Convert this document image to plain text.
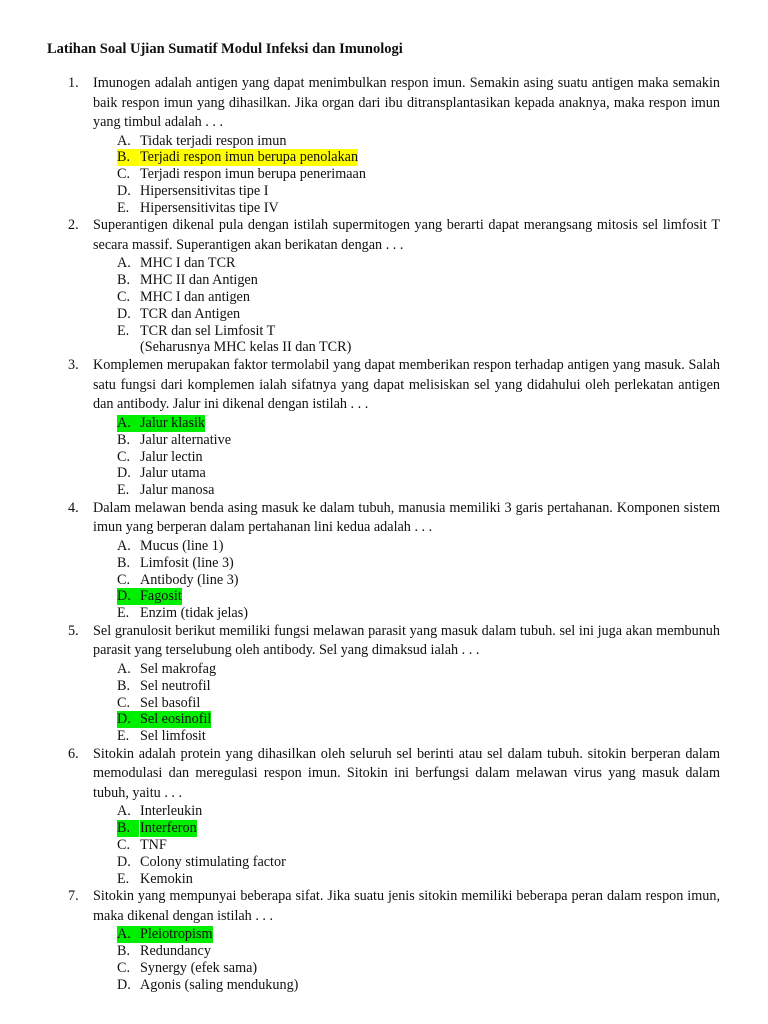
Latihan Soal Ujian Sumatif Modul Infeksi dan Imunologi
1. Imunogen adalah antigen yang dapat menimbulkan respon imun. Semakin asing suatu antigen maka semakin baik respon imun yang dihasilkan. Jika organ dari ibu ditransplantasikan kepada anaknya, maka respon imun yang timbul adalah . . .

A. Tidak terjadi respon imun
B. Terjadi respon imun berupa penolakan
C. Terjadi respon imun berupa penerimaan
D. Hipersensitivitas tipe I
E. Hipersensitivitas tipe IV
2. Superantigen dikenal pula dengan istilah supermitogen yang berarti dapat merangsang mitosis sel limfosit T secara massif. Superantigen akan berikatan dengan . . .

A. MHC I dan TCR
B. MHC II dan Antigen
C. MHC I dan antigen
D. TCR dan Antigen
E. TCR dan sel Limfosit T
(Seharusnya MHC kelas II dan TCR)
3. Komplemen merupakan faktor termolabil yang dapat memberikan respon terhadap antigen yang masuk. Salah satu fungsi dari komplemen ialah sifatnya yang dapat melisiskan sel yang didahului oleh perlekatan antigen dan antibody. Jalur ini dikenal dengan istilah . . .

A. Jalur klasik
B. Jalur alternative
C. Jalur lectin
D. Jalur utama
E. Jalur manosa
4. Dalam melawan benda asing masuk ke dalam tubuh, manusia memiliki 3 garis pertahanan. Komponen sistem imun yang berperan dalam pertahanan lini kedua adalah . . .

A. Mucus (line 1)
B. Limfosit (line 3)
C. Antibody (line 3)
D. Fagosit
E. Enzim (tidak jelas)
5. Sel granulosit berikut memiliki fungsi melawan parasit yang masuk dalam tubuh. sel ini juga akan membunuh parasit yang terselubung oleh antibody. Sel yang dimaksud ialah . . .

A. Sel makrofag
B. Sel neutrofil
C. Sel basofil
D. Sel eosinofil
E. Sel limfosit
6. Sitokin adalah protein yang dihasilkan oleh seluruh sel berinti atau sel dalam tubuh. sitokin berperan dalam memodulasi dan meregulasi respon imun. Sitokin ini berfungsi dalam melawan virus yang masuk dalam tubuh, yaitu . . .

A. Interleukin
B. Interferon
C. TNF
D. Colony stimulating factor
E. Kemokin
7. Sitokin yang mempunyai beberapa sifat. Jika suatu jenis sitokin memiliki beberapa peran dalam respon imun, maka dikenal dengan istilah . . .

A. Pleiotropism
B. Redundancy
C. Synergy (efek sama)
D. Agonis (saling mendukung)
